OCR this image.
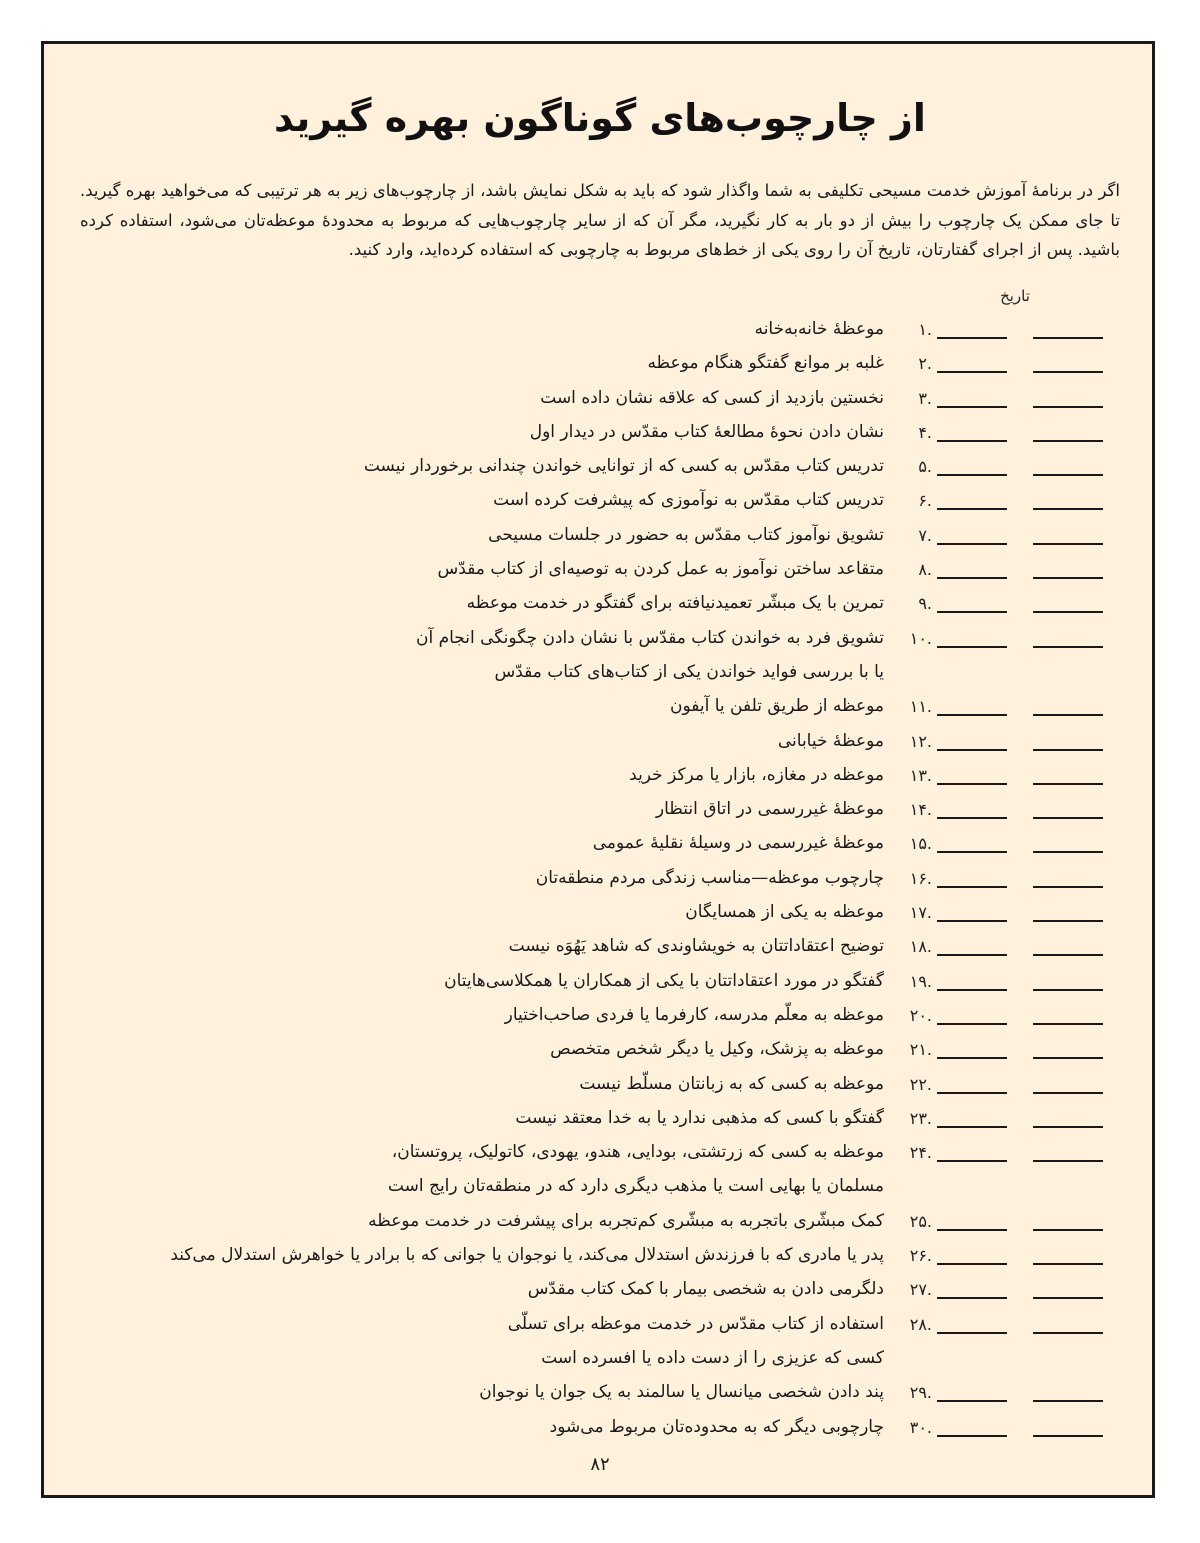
از چارچوب‌های گوناگون بهره گیرید

اگر در برنامهٔ آموزش خدمت مسیحی تکلیفی به شما واگذار شود که باید به شکل نمایش باشد، از چارچوب‌های زیر به هر ترتیبی که می‌خواهید بهره گیرید. تا جای ممکن یک چارچوب را بیش از دو بار به کار نگیرید، مگر آن که از سایر چارچوب‌هایی که مربوط به محدودهٔ موعظه‌تان می‌شود، استفاده کرده باشید. پس از اجرای گفتارتان، تاریخ آن را روی یکی از خط‌های مربوط به چارچوبی که استفاده کرده‌اید، وارد کنید.

تاریخ
.۱
موعظهٔ خانه‌به‌خانه
.۲
غلبه بر موانع گفتگو هنگام موعظه
.۳
نخستین بازدید از کسی که علاقه نشان داده است
.۴
نشان دادن نحوهٔ مطالعهٔ کتاب مقدّس در دیدار اول
.۵
تدریس کتاب مقدّس به کسی که از توانایی خواندن چندانی برخوردار نیست
.۶
تدریس کتاب مقدّس به نوآموزی که پیشرفت کرده است
.۷
تشویق نوآموز کتاب مقدّس به حضور در جلسات مسیحی
.۸
متقاعد ساختن نوآموز به عمل کردن به توصیه‌ای از کتاب مقدّس
.۹
تمرین با یک مبشّر تعمیدنیافته برای گفتگو در خدمت موعظه
.۱۰
تشویق فرد به خواندن کتاب مقدّس با نشان دادن چگونگی انجام آن
یا با بررسی فواید خواندن یکی از کتاب‌های کتاب مقدّس
.۱۱
موعظه از طریق تلفن یا آیفون
.۱۲
موعظهٔ خیابانی
.۱۳
موعظه در مغازه، بازار یا مرکز خرید
.۱۴
موعظهٔ غیررسمی در اتاق انتظار
.۱۵
موعظهٔ غیررسمی در وسیلهٔ نقلیهٔ عمومی
.۱۶
چارچوب موعظه—مناسب زندگی مردم منطقه‌تان
.۱۷
موعظه به یکی از همسایگان
.۱۸
توضیح اعتقاداتتان به خویشاوندی که شاهد یَهُوَه نیست
.۱۹
گفتگو در مورد اعتقاداتتان با یکی از همکاران یا همکلاسی‌هایتان
.۲۰
موعظه به معلّم مدرسه، کارفرما یا فردی صاحب‌اختیار
.۲۱
موعظه به پزشک، وکیل یا دیگر شخص متخصص
.۲۲
موعظه به کسی که به زبانتان مسلّط نیست
.۲۳
گفتگو با کسی که مذهبی ندارد یا به خدا معتقد نیست
.۲۴
موعظه به کسی که زرتشتی، بودایی، هندو، یهودی، کاتولیک، پروتستان،
مسلمان یا بهایی است یا مذهب دیگری دارد که در منطقه‌تان رایج است
.۲۵
کمک مبشّری باتجربه به مبشّری کم‌تجربه برای پیشرفت در خدمت موعظه
.۲۶
پدر یا مادری که با فرزندش استدلال می‌کند، یا نوجوان یا جوانی که با برادر یا خواهرش استدلال می‌کند
.۲۷
دلگرمی دادن به شخصی بیمار با کمک کتاب مقدّس
.۲۸
استفاده از کتاب مقدّس در خدمت موعظه برای تسلّی
کسی که عزیزی را از دست داده یا افسرده است
.۲۹
پند دادن شخصی میانسال یا سالمند به یک جوان یا نوجوان
.۳۰
چارچوبی دیگر که به محدوده‌تان مربوط می‌شود
۸۲
